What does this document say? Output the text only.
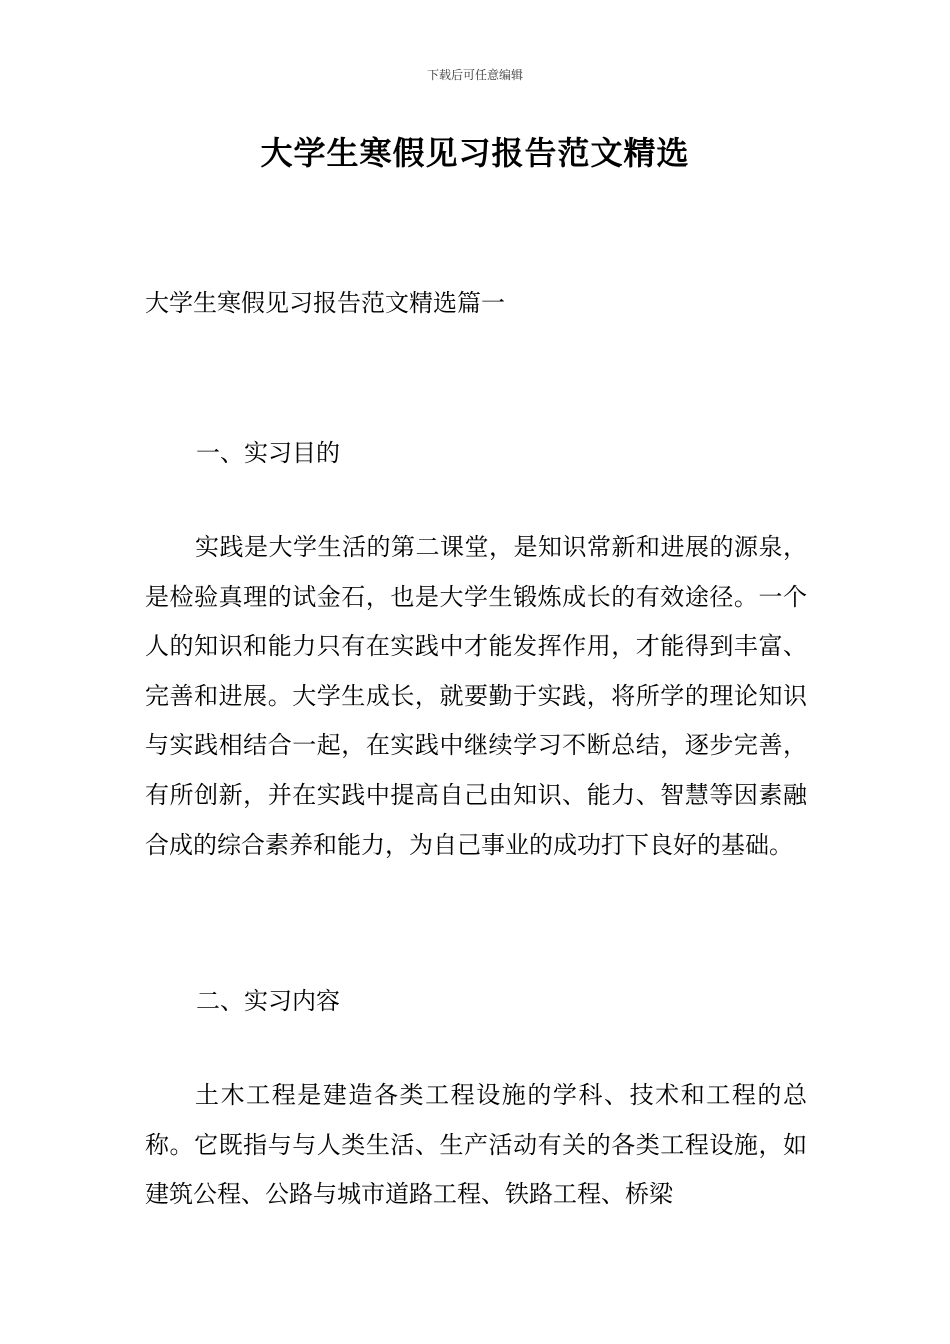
下载后可任意编辑
大学生寒假见习报告范文精选
大学生寒假见习报告范文精选篇一
一、实习目的

实践是大学生活的第二课堂，是知识常新和进展的源泉，是检验真理的试金石，也是大学生锻炼成长的有效途径。一个人的知识和能力只有在实践中才能发挥作用，才能得到丰富、完善和进展。大学生成长，就要勤于实践，将所学的理论知识与实践相结合一起，在实践中继续学习不断总结，逐步完善，有所创新，并在实践中提高自己由知识、能力、智慧等因素融合成的综合素养和能力，为自己事业的成功打下良好的基础。

二、实习内容

土木工程是建造各类工程设施的学科、技术和工程的总称。它既指与与人类生活、生产活动有关的各类工程设施，如建筑公程、公路与城市道路工程、铁路工程、桥梁
